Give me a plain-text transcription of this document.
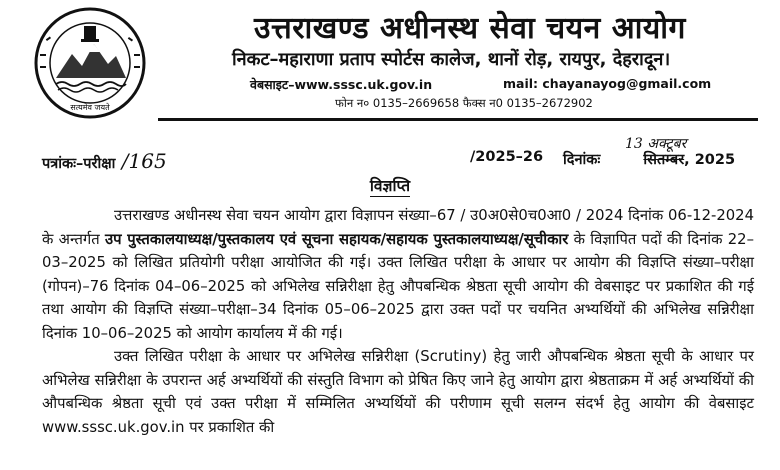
सत्यमेव जयते
उत्तराखण्ड अधीनस्थ सेवा चयन आयोग
निकट–महाराणा प्रताप स्पोर्टस कालेज, थानों रोड़, रायपुर, देहरादून।
वेबसाइट–www.sssc.uk.gov.in	mail: chayanayog@gmail.com
फोन न० 0135–2669658 फैक्स न0 0135–2672902
पत्रांकः–परीक्षा /165	/2025–26 दिनांकः	सितम्बर, 2025
13 अक्टूबर
विज्ञप्ति

उत्तराखण्ड अधीनस्थ सेवा चयन आयोग द्वारा विज्ञापन संख्या–67 / उ0अ0से0च0आ0 / 2024 दिनांक 06-12-2024 के अन्तर्गत उप पुस्तकालयाध्यक्ष/पुस्तकालय एवं सूचना सहायक/सहायक पुस्तकालयाध्यक्ष/सूचीकार के विज्ञापित पदों की दिनांक 22–03–2025 को लिखित प्रतियोगी परीक्षा आयोजित की गई। उक्त लिखित परीक्षा के आधार पर आयोग की विज्ञप्ति संख्या–परीक्षा (गोपन)–76 दिनांक 04–06–2025 को अभिलेख सन्निरीक्षा हेतु औपबन्धिक श्रेष्ठता सूची आयोग की वेबसाइट पर प्रकाशित की गई तथा आयोग की विज्ञप्ति संख्या–परीक्षा–34 दिनांक 05–06–2025 द्वारा उक्त पदों पर चयनित अभ्यर्थियों की अभिलेख सन्निरीक्षा दिनांक 10–06–2025 को आयोग कार्यालय में की गई।

उक्त लिखित परीक्षा के आधार पर अभिलेख सन्निरीक्षा (Scrutiny) हेतु जारी औपबन्धिक श्रेष्ठता सूची के आधार पर अभिलेख सन्निरीक्षा के उपरान्त अर्ह अभ्यर्थियों की संस्तुति विभाग को प्रेषित किए जाने हेतु आयोग द्वारा श्रेष्ठताक्रम में अर्ह अभ्यर्थियों की औपबन्धिक श्रेष्ठता सूची एवं उक्त परीक्षा में सम्मिलित अभ्यर्थियों की परीणाम सूची सलग्न संदर्भ हेतु आयोग की वेबसाइट www.sssc.uk.gov.in पर प्रकाशित की
